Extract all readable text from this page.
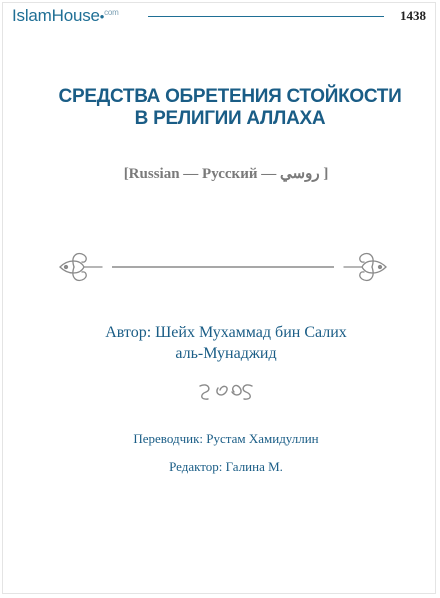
IslamHouse•$^{com}$	1438
СРЕДСТВА ОБРЕТЕНИЯ СТОЙКОСТИ
В РЕЛИГИИ АЛЛАХА
[Russian — Русский — روسي ]
Автор: Шейх Мухаммад бин Салих
аль-Мунаджид
Переводчик: Рустам Хамидуллин
Редактор: Галина М.
